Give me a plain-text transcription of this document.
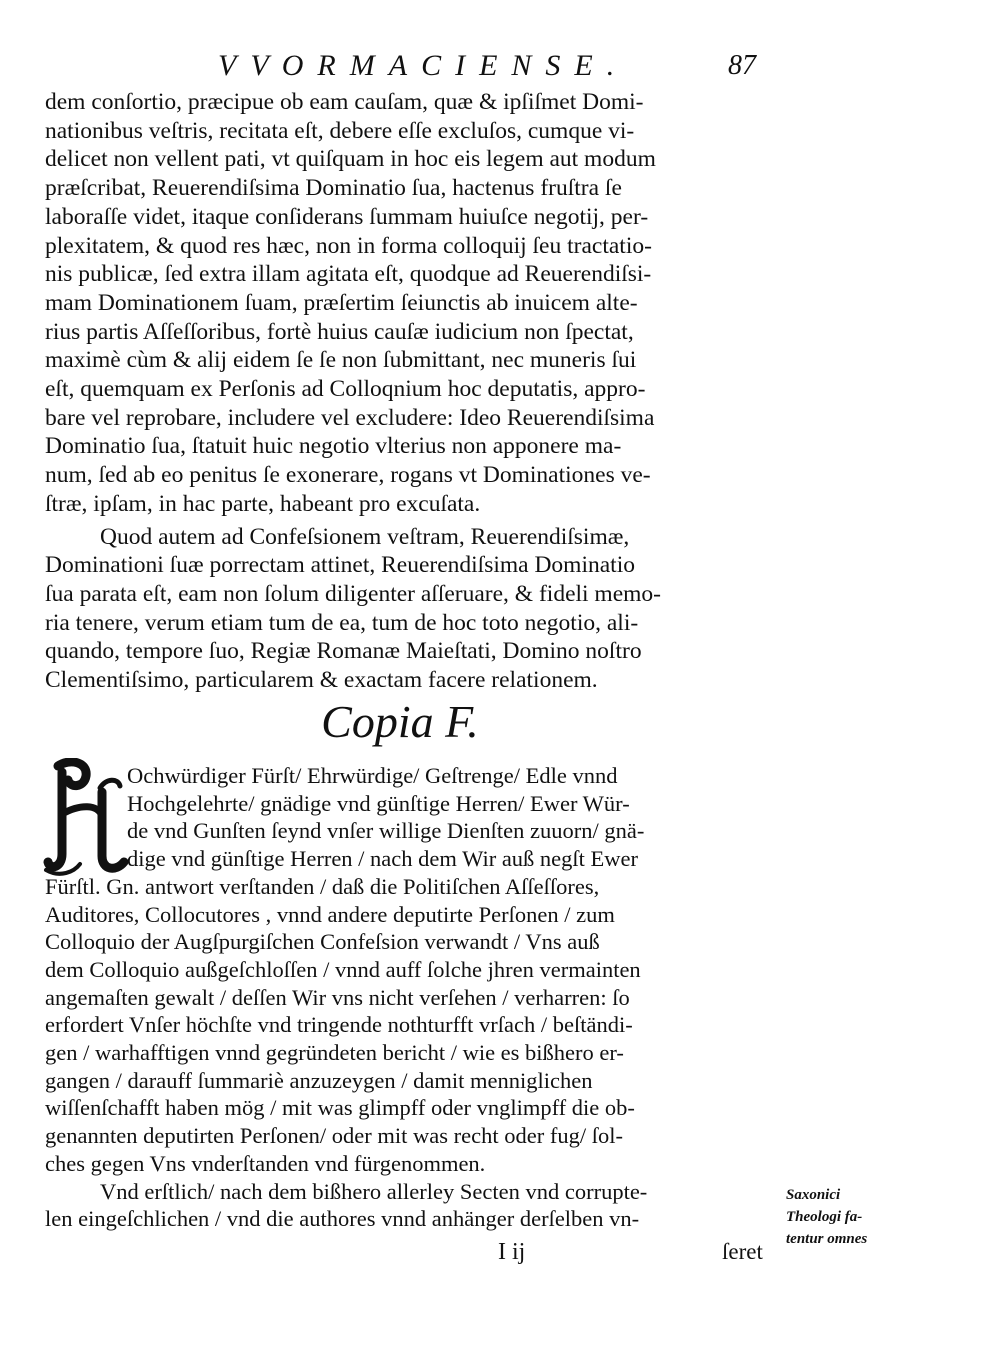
VVORMACIENSE.	87
dem conſortio, præcipue ob eam cauſam, quæ & ipſiſmet Domi-
nationibus veſtris, recitata eſt, debere eſſe excluſos, cumque vi-
delicet non vellent pati, vt quiſquam in hoc eis legem aut modum
præſcribat, Reuerendiſsima Dominatio ſua, hactenus fruſtra ſe
laboraſſe videt, itaque conſiderans ſummam huiuſce negotij, per-
plexitatem, & quod res hæc, non in forma colloquij ſeu tractatio-
nis publicæ, ſed extra illam agitata eſt, quodque ad Reuerendiſsi-
mam Dominationem ſuam, præſertim ſeiunctis ab inuicem alte-
rius partis Aſſeſſoribus, fortè huius cauſæ iudicium non ſpectat,
maximè cùm & alij eidem ſe ſe non ſubmittant, nec muneris ſui
eſt, quemquam ex Perſonis ad Colloqnium hoc deputatis, appro-
bare vel reprobare, includere vel excludere: Ideo Reuerendiſsima
Dominatio ſua, ſtatuit huic negotio vlterius non apponere ma-
num, ſed ab eo penitus ſe exonerare, rogans vt Dominationes ve-
ſtræ, ipſam, in hac parte, habeant pro excuſata.
Quod autem ad Confeſsionem veſtram, Reuerendiſsimæ,
Dominationi ſuæ porrectam attinet, Reuerendiſsima Dominatio
ſua parata eſt, eam non ſolum diligenter aſſeruare, & fideli memo-
ria tenere, verum etiam tum de ea, tum de hoc toto negotio, ali-
quando, tempore ſuo, Regiæ Romanæ Maieſtati, Domino noſtro
Clementiſsimo, particularem & exactam facere relationem.
Copia F.
Ochwürdiger Fürſt/ Ehrwürdige/ Geſtrenge/ Edle vnnd
Hochgelehrte/ gnädige vnd günſtige Herren/ Ewer Wür-
de vnd Gunſten ſeynd vnſer willige Dienſten zuuorn/ gnä-
dige vnd günſtige Herren / nach dem Wir auß negſt Ewer
Fürſtl. Gn. antwort verſtanden / daß die Politiſchen Aſſeſſores,
Auditores, Collocutores , vnnd andere deputirte Perſonen / zum
Colloquio der Augſpurgiſchen Confeſsion verwandt / Vns auß
dem Colloquio außgeſchloſſen / vnnd auff ſolche jhren vermainten
angemaſten gewalt / deſſen Wir vns nicht verſehen / verharren: ſo
erfordert Vnſer höchſte vnd tringende nothturfft vrſach / beſtändi-
gen / warhafftigen vnnd gegründeten bericht / wie es bißhero er-
gangen / darauff ſummariè anzuzeygen / damit menniglichen
wiſſenſchafft haben mög / mit was glimpff oder vnglimpff die ob-
genannten deputirten Perſonen/ oder mit was recht oder fug/ ſol-
ches gegen Vns vnderſtanden vnd fürgenommen.
Vnd erſtlich/ nach dem bißhero allerley Secten vnd corrupte-
len eingeſchlichen / vnd die authores vnnd anhänger derſelben vn-
Saxonici
Theologi fa-
tentur omnes
I ij	ſeret
